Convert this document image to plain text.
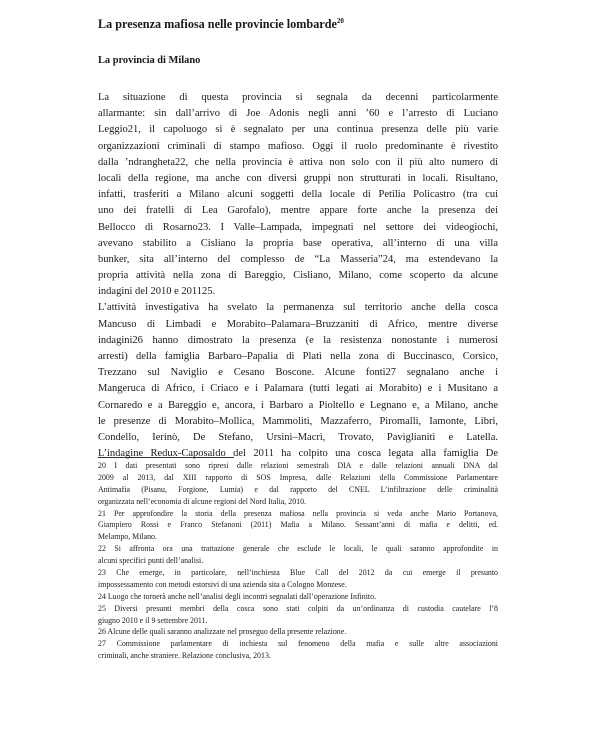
La presenza mafiosa nelle provincie lombarde$^{20}$
La provincia di Milano
La situazione di questa provincia si segnala da decenni particolarmente
allarmante: sin dall’arrivo di Joe Adonis negli anni ’60 e l’arresto di Luciano
Leggio21, il capoluogo si è segnalato per una continua presenza delle più varie
organizzazioni criminali di stampo mafioso. Oggi il ruolo predominante è rivestito
dalla ’ndrangheta22, che nella provincia è attiva non solo con il più alto numero di
locali della regione, ma anche con diversi gruppi non strutturati in locali. Risultano,
infatti, trasferiti a Milano alcuni soggetti della locale di Petilia Policastro (tra cui
uno dei fratelli di Lea Garofalo), mentre appare forte anche la presenza dei
Bellocco di Rosarno23. I Valle–Lampada, impegnati nel settore dei videogiochi,
avevano stabilito a Cisliano la propria base operativa, all’interno di una villa
bunker, sita all’interno del complesso de “La Masseria”24, ma estendevano la
propria attività nella zona di Bareggio, Cisliano, Milano, come scoperto da alcune
indagini del 2010 e 201125.
L’attività investigativa ha svelato la permanenza sul territorio anche della cosca
Mancuso di Limbadi e Morabito–Palamara–Bruzzaniti di Africo, mentre diverse
indagini26 hanno dimostrato la presenza (e la resistenza nonostante i numerosi
arresti) della famiglia Barbaro–Papalia di Platì nella zona di Buccinasco, Corsico,
Trezzano sul Naviglio e Cesano Boscone. Alcune fonti27 segnalano anche i
Mangeruca di Africo, i Criaco e i Palamara (tutti legati ai Morabito) e i Musitano a
Cornaredo e a Bareggio e, ancora, i Barbaro a Pioltello e Legnano e, a Milano, anche
le presenze di Morabito–Mollica, Mammoliti, Mazzaferro, Piromalli, Iamonte, Libri,
Condello, Ierinò, De Stefano, Ursini–Macrì, Trovato, Paviglianiti e Latella.
L’indagine Redux-Caposaldo del 2011 ha colpito una cosca legata alla famiglia De
20 I dati presentati sono ripresi dalle relazioni semestrali DIA e dalle relazioni annuali DNA dal
2009 al 2013, dal XIII rapporto di SOS Impresa, dalle Relazioni della Commissione Parlamentare
Antimafia (Pisanu, Forgione, Lumia) e dal rapporto del CNEL L’infiltrazione delle criminalità
organizzata nell’economia di alcune regioni del Nord Italia, 2010.
21 Per approfondire la storia della presenza mafiosa nella provincia si veda anche Mario Portanova,
Giampiero Rossi e Franco Stefanoni (2011) Mafia a Milano. Sessant’anni di mafia e delitti, ed.
Melampo, Milano.
22 Si affronta ora una trattazione generale che esclude le locali, le quali saranno approfondite in
alcuni specifici punti dell’analisi.
23 Che emerge, in particolare, nell’inchiesta Blue Call del 2012 da cui emerge il presunto
impossessamento con metodi estorsivi di una azienda sita a Cologno Monzese.
24 Luogo che tornerà anche nell’analisi degli incontri segnalati dall’operazione Infinito.
25 Diversi presunti membri della cosca sono stati colpiti da un’ordinanza di custodia cautelare l’8
giugno 2010 e il 9 settembre 2011.
26 Alcune delle quali saranno analizzate nel proseguo della presente relazione.
27 Commissione parlamentare di inchiesta sul fenomeno della mafia e sulle altre associazioni
criminali, anche straniere. Relazione conclusiva, 2013.
